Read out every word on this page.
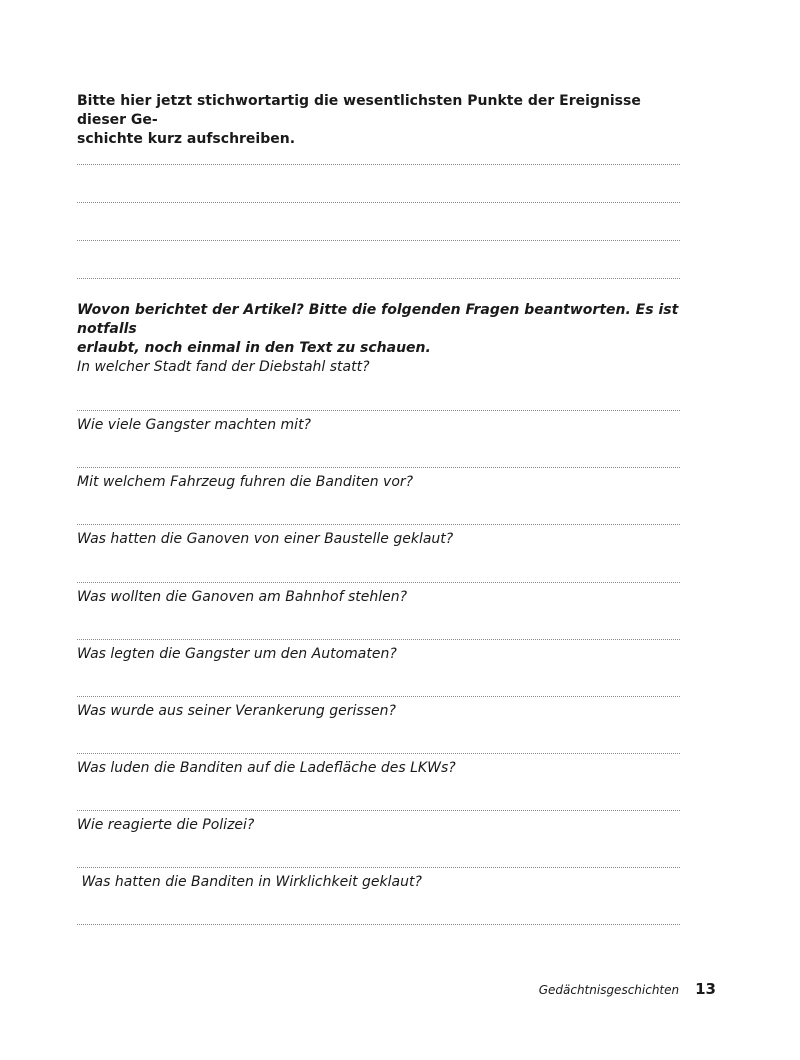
Bitte hier jetzt stichwortartig die wesentlichsten Punkte der Ereignisse dieser Ge-
schichte kurz aufschreiben.

Wovon berichtet der Artikel? Bitte die folgenden Fragen beantworten. Es ist notfalls
erlaubt, noch einmal in den Text zu schauen.

In welcher Stadt fand der Diebstahl statt?

Wie viele Gangster machten mit?

Mit welchem Fahrzeug fuhren die Banditen vor?

Was hatten die Ganoven von einer Baustelle geklaut?

Was wollten die Ganoven am Bahnhof stehlen?

Was legten die Gangster um den Automaten?

Was wurde aus seiner Verankerung gerissen?

Was luden die Banditen auf die Ladefläche des LKWs?

Wie reagierte die Polizei?

Was hatten die Banditen in Wirklichkeit geklaut?

Gedächtnisgeschichten 13
